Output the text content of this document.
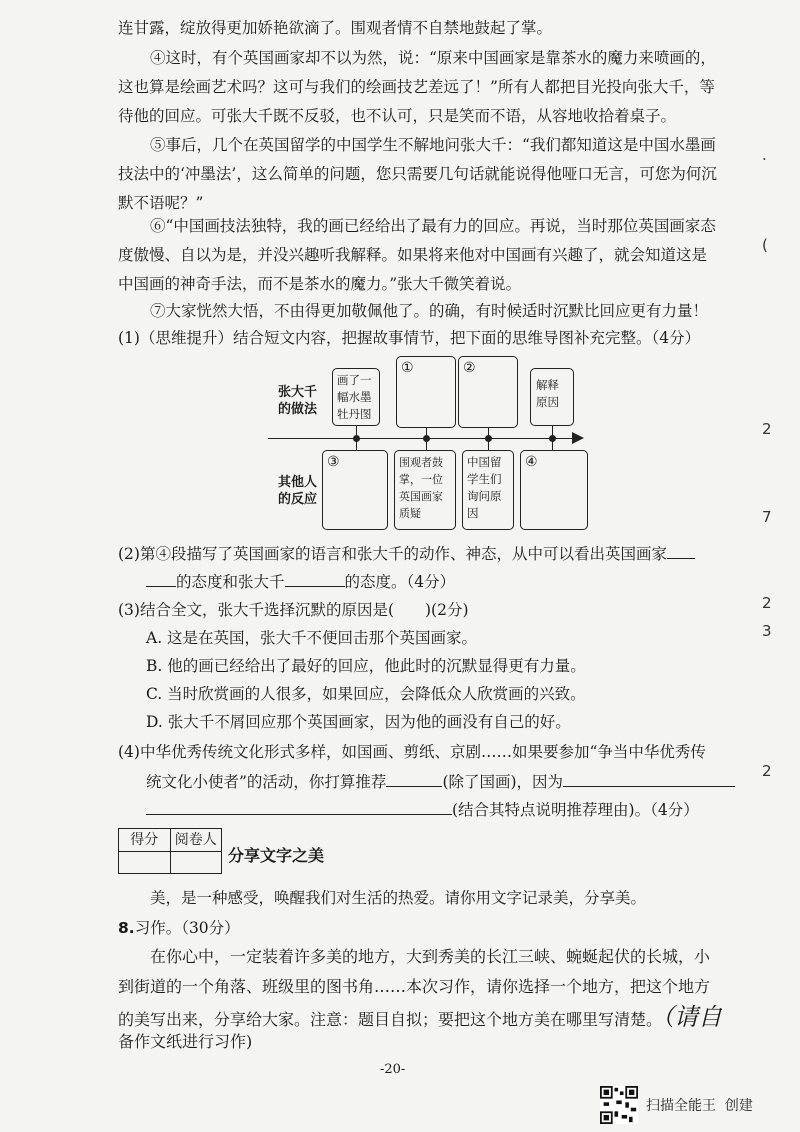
连甘露，绽放得更加娇艳欲滴了。围观者情不自禁地鼓起了掌。

④这时，有个英国画家却不以为然，说：“原来中国画家是靠茶水的魔力来喷画的，这也算是绘画艺术吗？这可与我们的绘画技艺差远了！”所有人都把目光投向张大千，等待他的回应。可张大千既不反驳，也不认可，只是笑而不语，从容地收拾着桌子。

⑤事后，几个在英国留学的中国学生不解地问张大千：“我们都知道这是中国水墨画技法中的‘冲墨法’，这么简单的问题，您只需要几句话就能说得他哑口无言，可您为何沉默不语呢？”

⑥“中国画技法独特，我的画已经给出了最有力的回应。再说，当时那位英国画家态度傲慢、自以为是，并没兴趣听我解释。如果将来他对中国画有兴趣了，就会知道这是中国画的神奇手法，而不是茶水的魔力。”张大千微笑着说。

⑦大家恍然大悟，不由得更加敬佩他了。的确，有时候适时沉默比回应更有力量！

(1)（思维提升）结合短文内容，把握故事情节，把下面的思维导图补充完整。（4分）

张大千的做法
其他人的反应
画了一幅水墨牡丹图
①	②
解释原因
③	围观者鼓掌，一位英国画家质疑
中国留学生们询问原因
④
(2)第④段描写了英国画家的语言和张大千的动作、神态，从中可以看出英国画家
的态度和张大千	的态度。（4分）
(3)结合全文，张大千选择沉默的原因是(　　)(2分)
A. 这是在英国，张大千不便回击那个英国画家。
B. 他的画已经给出了最好的回应，他此时的沉默显得更有力量。
C. 当时欣赏画的人很多，如果回应，会降低众人欣赏画的兴致。
D. 张大千不屑回应那个英国画家，因为他的画没有自己的好。
(4)中华优秀传统文化形式多样，如国画、剪纸、京剧……如果要参加“争当中华优秀传
统文化小使者”的活动，你打算推荐	(除了国画)，因为
(结合其特点说明推荐理由)。（4分）
得分	阅卷人
分享文字之美
美，是一种感受，唤醒我们对生活的热爱。请你用文字记录美，分享美。
8.习作。（30分）

在你心中，一定装着许多美的地方，大到秀美的长江三峡、蜿蜒起伏的长城，小到街道的一个角落、班级里的图书角……本次习作，请你选择一个地方，把这个地方的美写出来，分享给大家。注意：题目自拟；要把这个地方美在哪里写清楚。（请自

备作文纸进行习作)
-20-
.
(
2
7
2
3
2
扫描全能王
创建
